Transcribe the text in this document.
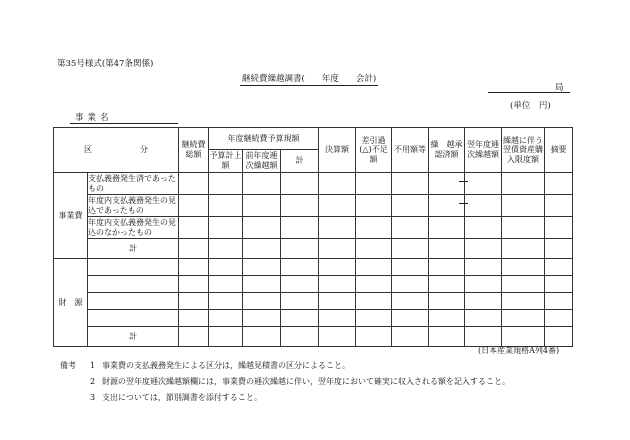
第35号様式(第47条関係)
継続費繰越調書(　　年度　　会計)
局
(単位　円)
事業名
区　　　　　　分		継続費総額	年度継続費予算現額			決算額	差引過(△)不足額	不用額等	繰　越承認済額	翌年度逓次繰越額	繰越に伴う翌債資産購入限度額	摘要
			予算計上額	前年度逓次繰越額	計							
事業費	支払義務発生済であったもの											
	年度内支払義務発生の見込であったもの											
	年度内支払義務発生の見込のなかったもの											
	計											
財　源												

	計											
(日本産業規格A列4番)
備考	1 事業費の支払義務発生による区分は，繰越見積書の区分によること。
2 財源の翌年度逓次繰越額欄には，事業費の逓次繰越に伴い，翌年度において確実に収入される額を記入すること。
3 支出については，節別調書を添付すること。
